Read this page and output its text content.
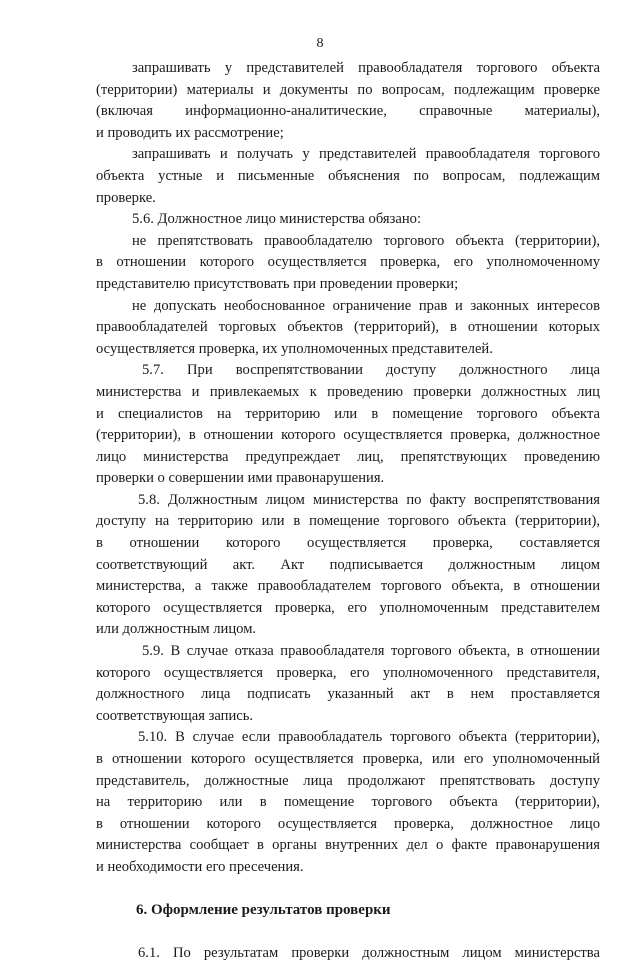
8
запрашивать у представителей правообладателя торгового объекта
(территории) материалы и документы по вопросам, подлежащим проверке
(включая информационно-аналитические, справочные материалы),
и проводить их рассмотрение;
запрашивать и получать у представителей правообладателя торгового
объекта устные и письменные объяснения по вопросам, подлежащим
проверке.
5.6. Должностное лицо министерства обязано:
не препятствовать правообладателю торгового объекта (территории),
в отношении которого осуществляется проверка, его уполномоченному
представителю присутствовать при проведении проверки;
не допускать необоснованное ограничение прав и законных интересов
правообладателей торговых объектов (территорий), в отношении которых
осуществляется проверка, их уполномоченных представителей.
5.7. При воспрепятствовании доступу должностного лица
министерства и привлекаемых к проведению проверки должностных лиц
и специалистов на территорию или в помещение торгового объекта
(территории), в отношении которого осуществляется проверка, должностное
лицо министерства предупреждает лиц, препятствующих проведению
проверки о совершении ими правонарушения.
5.8. Должностным лицом министерства по факту воспрепятствования
доступу на территорию или в помещение торгового объекта (территории),
в отношении которого осуществляется проверка, составляется
соответствующий акт. Акт подписывается должностным лицом
министерства, а также правообладателем торгового объекта, в отношении
которого осуществляется проверка, его уполномоченным представителем
или должностным лицом.
5.9. В случае отказа правообладателя торгового объекта, в отношении
которого осуществляется проверка, его уполномоченного представителя,
должностного лица подписать указанный акт в нем проставляется
соответствующая запись.
5.10. В случае если правообладатель торгового объекта (территории),
в отношении которого осуществляется проверка, или его уполномоченный
представитель, должностные лица продолжают препятствовать доступу
на территорию или в помещение торгового объекта (территории),
в отношении которого осуществляется проверка, должностное лицо
министерства сообщает в органы внутренних дел о факте правонарушения
и необходимости его пресечения.
6. Оформление результатов проверки
6.1. По результатам проверки должностным лицом министерства
